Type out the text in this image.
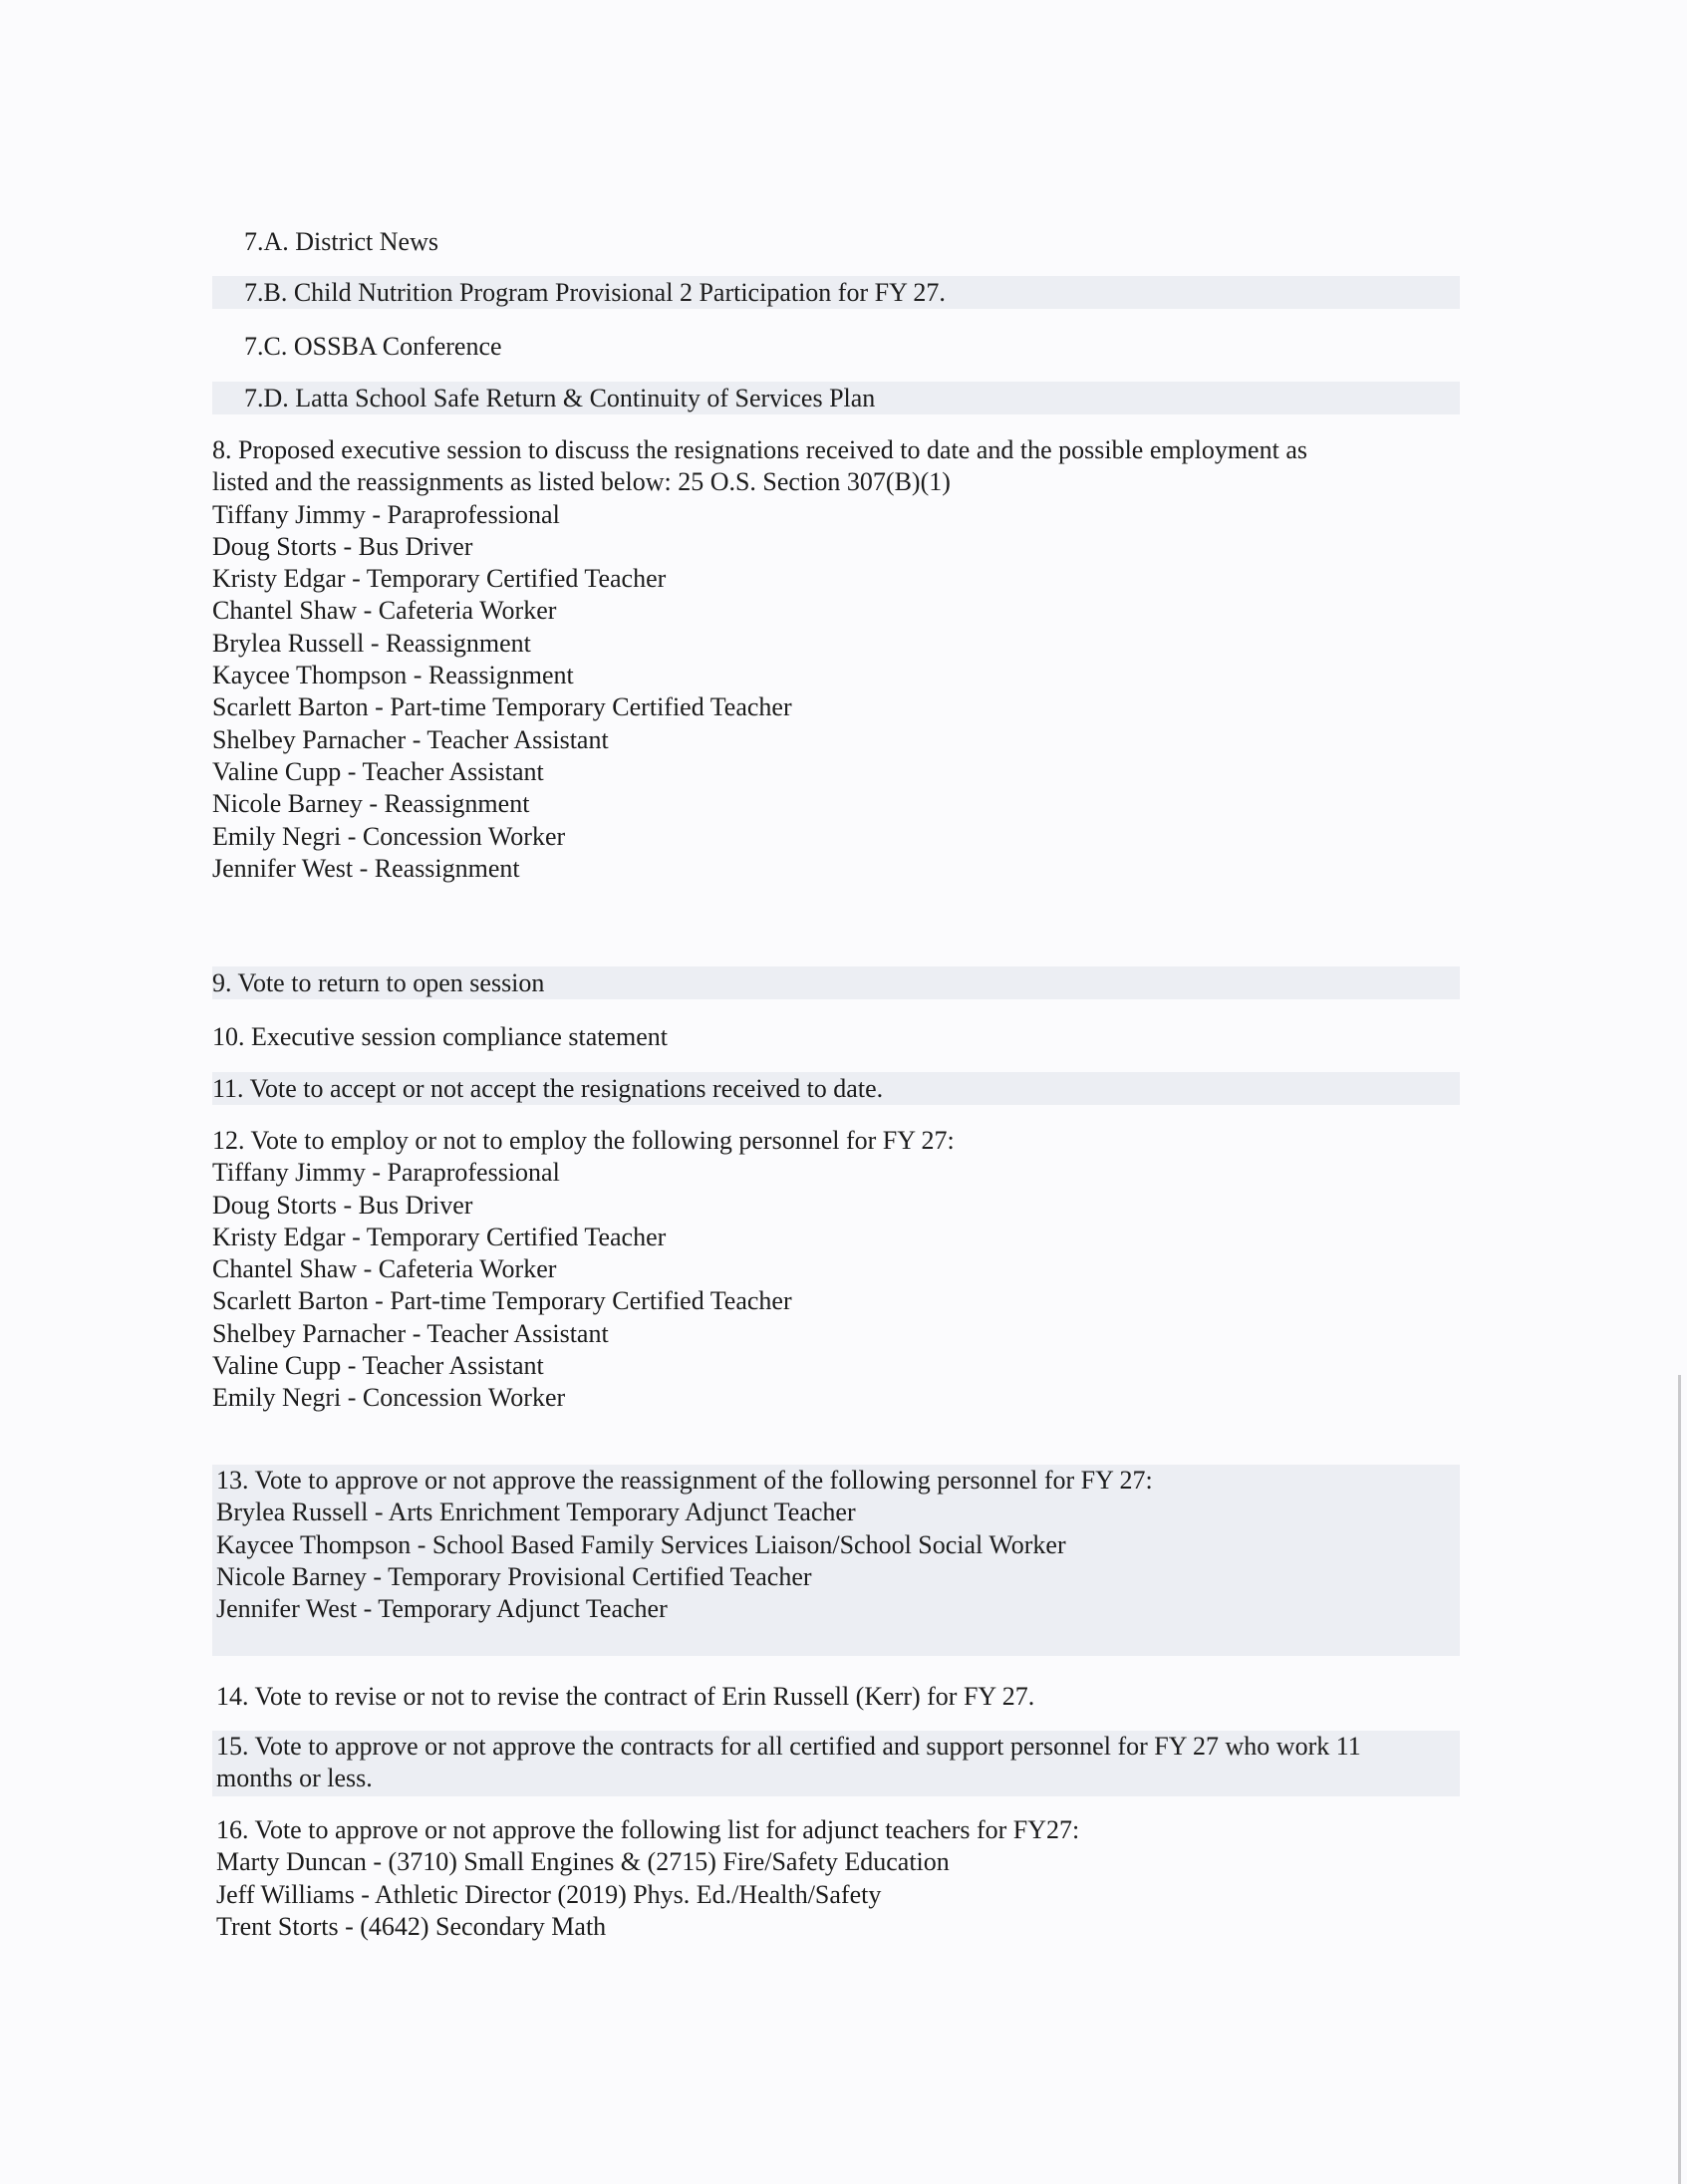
7.A. District News
7.B. Child Nutrition Program Provisional 2 Participation for FY 27.
7.C. OSSBA Conference
7.D. Latta School Safe Return & Continuity of Services Plan
8. Proposed executive session to discuss the resignations received to date and the possible employment as
listed and the reassignments as listed below: 25 O.S. Section 307(B)(1)
Tiffany Jimmy - Paraprofessional
Doug Storts - Bus Driver
Kristy Edgar - Temporary Certified Teacher
Chantel Shaw - Cafeteria Worker
Brylea Russell - Reassignment
Kaycee Thompson - Reassignment
Scarlett Barton - Part-time Temporary Certified Teacher
Shelbey Parnacher - Teacher Assistant
Valine Cupp - Teacher Assistant
Nicole Barney - Reassignment
Emily Negri - Concession Worker
Jennifer West - Reassignment
9. Vote to return to open session
10. Executive session compliance statement
11. Vote to accept or not accept the resignations received to date.
12. Vote to employ or not to employ the following personnel for FY 27:
Tiffany Jimmy - Paraprofessional
Doug Storts - Bus Driver
Kristy Edgar - Temporary Certified Teacher
Chantel Shaw - Cafeteria Worker
Scarlett Barton - Part-time Temporary Certified Teacher
Shelbey Parnacher - Teacher Assistant
Valine Cupp - Teacher Assistant
Emily Negri - Concession Worker
13. Vote to approve or not approve the reassignment of the following personnel for FY 27:
Brylea Russell - Arts Enrichment Temporary Adjunct Teacher
Kaycee Thompson - School Based Family Services Liaison/School Social Worker
Nicole Barney - Temporary Provisional Certified Teacher
Jennifer West - Temporary Adjunct Teacher
14. Vote to revise or not to revise the contract of Erin Russell (Kerr) for FY 27.
15. Vote to approve or not approve the contracts for all certified and support personnel for FY 27 who work 11
months or less.
16. Vote to approve or not approve the following list for adjunct teachers for FY27:
Marty Duncan - (3710) Small Engines & (2715) Fire/Safety Education
Jeff Williams - Athletic Director (2019) Phys. Ed./Health/Safety
Trent Storts - (4642) Secondary Math
